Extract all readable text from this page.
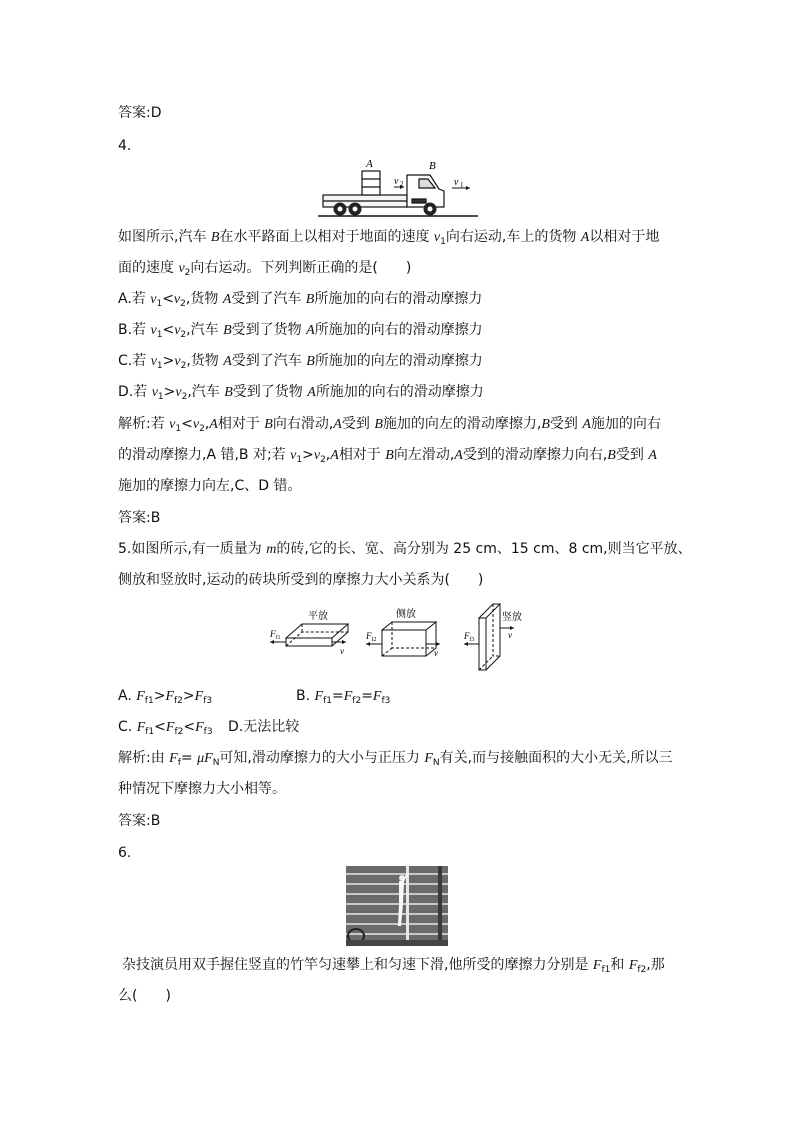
答案:D
4.
A	B
v 2	v 1
如图所示,汽车 B在水平路面上以相对于地面的速度 $v_1$向右运动,车上的货物 A以相对于地
面的速度 $v_2$向右运动。下列判断正确的是(　　)
A.若 $v_1<v_2$,货物 A受到了汽车 B所施加的向右的滑动摩擦力
B.若 $v_1<v_2$,汽车 B受到了货物 A所施加的向右的滑动摩擦力
C.若 $v_1>v_2$,货物 A受到了汽车 B所施加的向左的滑动摩擦力
D.若 $v_1>v_2$,汽车 B受到了货物 A所施加的向右的滑动摩擦力
解析:若 $v_1<v_2,A$相对于 B向右滑动,A受到 B施加的向左的滑动摩擦力,B受到 A施加的向右
的滑动摩擦力,A 错,B 对;若 $v_1>v_2,A$相对于 B向左滑动,A受到的滑动摩擦力向右,B受到 A
施加的摩擦力向左,C、D 错。
答案:B
5.如图所示,有一质量为 m的砖,它的长、宽、高分别为 25 cm、15 cm、8 cm,则当它平放、
侧放和竖放时,运动的砖块所受到的摩擦力大小关系为(　　)
平放	侧放	竖放
$F_{f1}$	$F_{f2}$	$F_{f3}$
v	v
v
A. $F_{f1}>F_{f2}>F_{f3}$	B. $F_{f1}=F_{f2}=F_{f3}$
C. $F_{f1}<F_{f2}<F_{f3}$ D.无法比较
解析:由 $F_f= \mu F_N$可知,滑动摩擦力的大小与正压力 $F_N$有关,而与接触面积的大小无关,所以三
种情况下摩擦力大小相等。
答案:B
6.
杂技演员用双手握住竖直的竹竿匀速攀上和匀速下滑,他所受的摩擦力分别是 $F_{f1}$和 $F_{f2}$,那
么(　　)
